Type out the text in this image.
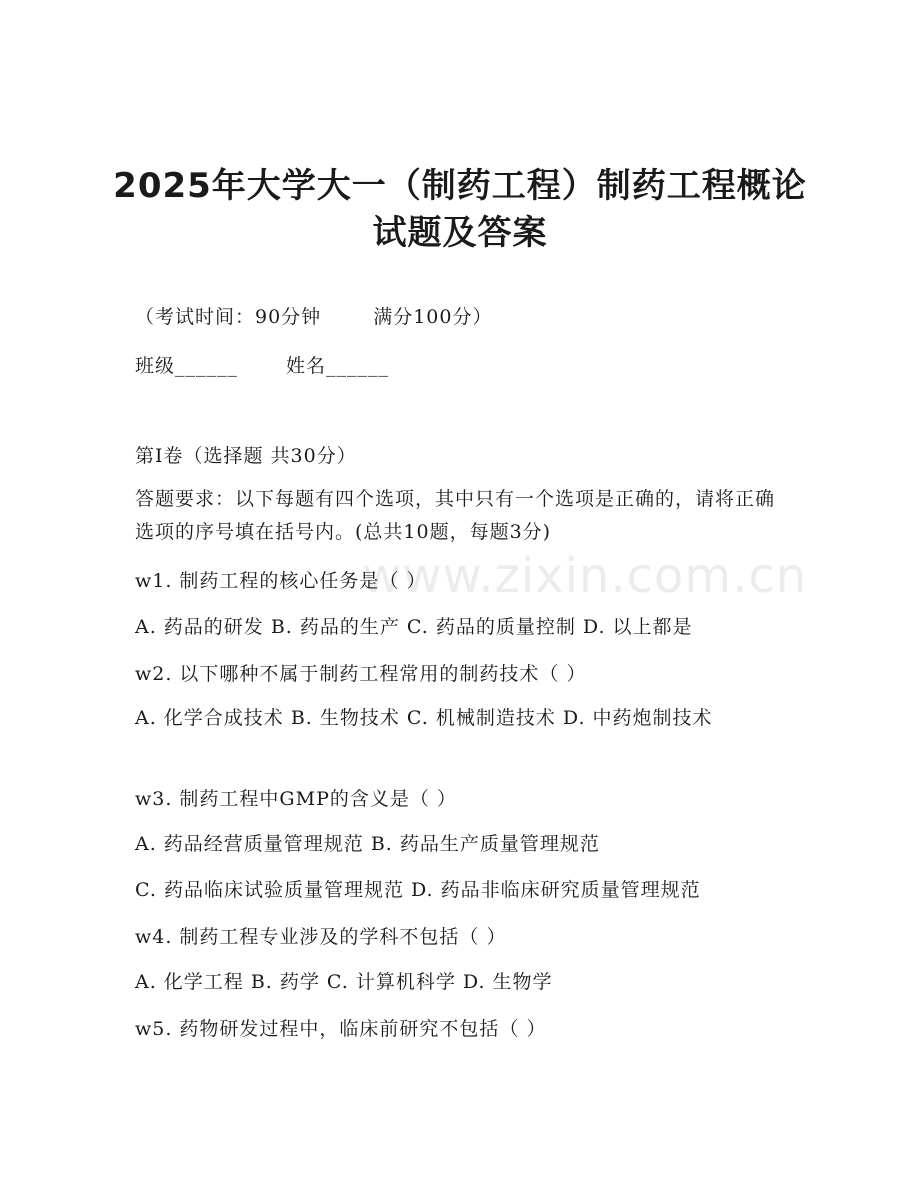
www.zixin.com.cn
2025年大学大一（制药工程）制药工程概论
试题及答案
（考试时间：90分钟	满分100分）
班级______	姓名______
第I卷（选择题 共30分）
答题要求：以下每题有四个选项，其中只有一个选项是正确的，请将正确选项的序号填在括号内。(总共10题，每题3分)
w1. 制药工程的核心任务是（ ）
A. 药品的研发 B. 药品的生产 C. 药品的质量控制 D. 以上都是
w2. 以下哪种不属于制药工程常用的制药技术（ ）
A. 化学合成技术 B. 生物技术 C. 机械制造技术 D. 中药炮制技术
w3. 制药工程中GMP的含义是（ ）
A. 药品经营质量管理规范 B. 药品生产质量管理规范
C. 药品临床试验质量管理规范 D. 药品非临床研究质量管理规范
w4. 制药工程专业涉及的学科不包括（ ）
A. 化学工程 B. 药学 C. 计算机科学 D. 生物学
w5. 药物研发过程中，临床前研究不包括（ ）
